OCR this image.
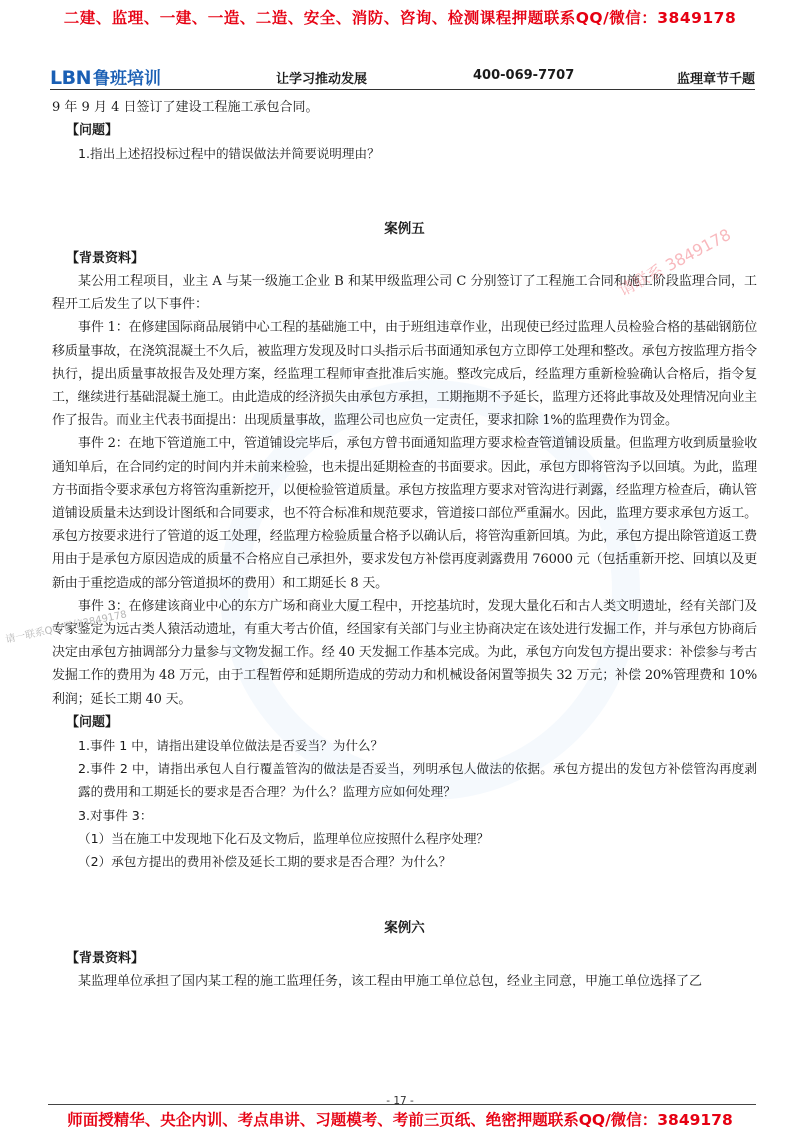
二建、监理、一建、一造、二造、安全、消防、咨询、检测课程押题联系QQ/微信：3849178
LBN 鲁班培训	让学习推动发展	400-069-7707	监理章节千题

9 年 9 月 4 日签订了建设工程施工承包合同。

【问题】

1.指出上述招投标过程中的错误做法并简要说明理由？

案例五

【背景资料】

某公用工程项目，业主 A 与某一级施工企业 B 和某甲级监理公司 C 分别签订了工程施工合同和施工阶段监理合同，工程开工后发生了以下事件：

事件 1：在修建国际商品展销中心工程的基础施工中，由于班组违章作业，出现使已经过监理人员检验合格的基础钢筋位移质量事故，在浇筑混凝土不久后，被监理方发现及时口头指示后书面通知承包方立即停工处理和整改。承包方按监理方指令执行，提出质量事故报告及处理方案，经监理工程师审查批准后实施。整改完成后，经监理方重新检验确认合格后，指令复工，继续进行基础混凝土施工。由此造成的经济损失由承包方承担，工期拖期不予延长，监理方还将此事故及处理情况向业主作了报告。而业主代表书面提出：出现质量事故，监理公司也应负一定责任，要求扣除 1%的监理费作为罚金。

事件 2：在地下管道施工中，管道铺设完毕后，承包方曾书面通知监理方要求检查管道铺设质量。但监理方收到质量验收通知单后，在合同约定的时间内并未前来检验，也未提出延期检查的书面要求。因此，承包方即将管沟予以回填。为此，监理方书面指令要求承包方将管沟重新挖开，以便检验管道质量。承包方按监理方要求对管沟进行剥露，经监理方检查后，确认管道铺设质量未达到设计图纸和合同要求，也不符合标准和规范要求，管道接口部位严重漏水。因此，监理方要求承包方返工。承包方按要求进行了管道的返工处理，经监理方检验质量合格予以确认后，将管沟重新回填。为此，承包方提出除管道返工费用由于是承包方原因造成的质量不合格应自己承担外，要求发包方补偿再度剥露费用 76000 元（包括重新开挖、回填以及更新由于重挖造成的部分管道损坏的费用）和工期延长 8 天。

事件 3：在修建该商业中心的东方广场和商业大厦工程中，开挖基坑时，发现大量化石和古人类文明遗址，经有关部门及专家鉴定为远古类人猿活动遗址，有重大考古价值，经国家有关部门与业主协商决定在该处进行发掘工作，并与承包方协商后决定由承包方抽调部分力量参与文物发掘工作。经 40 天发掘工作基本完成。为此，承包方向发包方提出要求：补偿参与考古发掘工作的费用为 48 万元，由于工程暂停和延期所造成的劳动力和机械设备闲置等损失 32 万元；补偿 20%管理费和 10%利润；延长工期 40 天。

【问题】

1.事件 1 中，请指出建设单位做法是否妥当？为什么？

2.事件 2 中，请指出承包人自行覆盖管沟的做法是否妥当，列明承包人做法的依据。承包方提出的发包方补偿管沟再度剥露的费用和工期延长的要求是否合理？为什么？监理方应如何处理？

3.对事件 3：

（1）当在施工中发现地下化石及文物后，监理单位应按照什么程序处理？

（2）承包方提出的费用补偿及延长工期的要求是否合理？为什么？

案例六

【背景资料】

某监理单位承担了国内某工程的施工监理任务，该工程由甲施工单位总包，经业主同意，甲施工单位选择了乙

请联系 3849178
请一联系QQ/微信3849178
- 17 -
师面授精华、央企内训、考点串讲、习题模考、考前三页纸、绝密押题联系QQ/微信：3849178
